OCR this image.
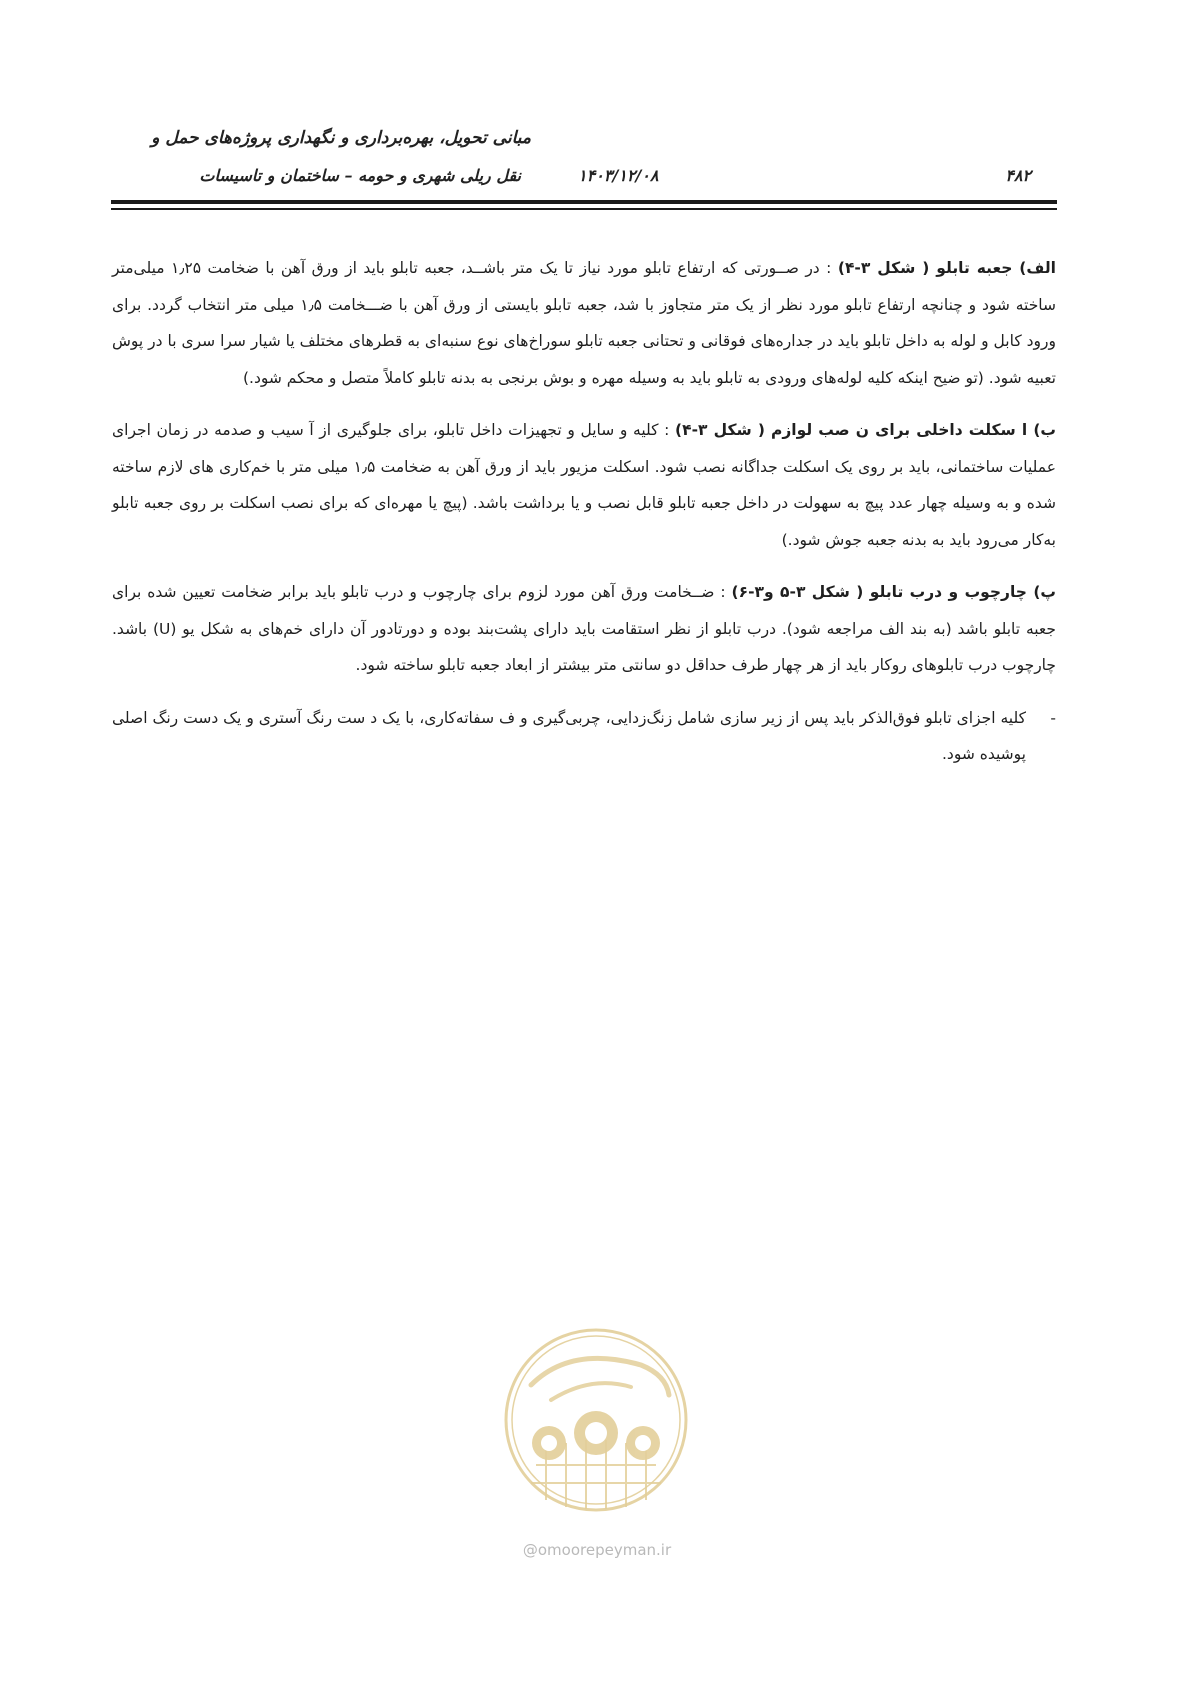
مبانی تحویل، بهره‌برداری و نگهداری پروژه‌های حمل و
نقل ریلی شهری و حومه – ساختمان و تاسیسات	۱۴۰۳/۱۲/۰۸	۴۸۲

الف) جعبه تابلو ( شکل ۳-۴) : در صــورتی که ارتفاع تابلو مورد نیاز تا یک متر باشــد، جعبه تابلو باید از ورق آهن با ضخامت ۱٫۲۵ میلی‌متر ساخته شود و چنانچه ارتفاع تابلو مورد نظر از یک متر متجاوز با شد، جعبه تابلو بایستی از ورق آهن با ضـــخامت ۱٫۵ میلی متر انتخاب گردد. برای ورود کابل و لوله به داخل تابلو باید در جداره‌های فوقانی و تحتانی جعبه تابلو سوراخ‌های نوع سنبه‌ای به قطرهای مختلف یا شیار سرا سری با در پوش تعبیه شود. (تو ضیح اینکه کلیه لوله‌های ورودی به تابلو باید به وسیله مهره و بوش برنجی به بدنه تابلو کاملاً متصل و محکم شود.)

ب) ا سکلت داخلی برای ن صب لوازم ( شکل ۳-۴) : کلیه و سایل و تجهیزات داخل تابلو، برای جلوگیری از آ سیب و صدمه در زمان اجرای عملیات ساختمانی، باید بر روی یک اسکلت جداگانه نصب شود. اسکلت مزیور باید از ورق آهن به ضخامت ۱٫۵ میلی متر با خم‌کاری های لازم ساخته شده و به وسیله چهار عدد پیچ به سهولت در داخل جعبه تابلو قابل نصب و یا برداشت باشد. (پیچ یا مهره‌ای که برای نصب اسکلت بر روی جعبه تابلو به‌کار می‌رود باید به بدنه جعبه جوش شود.)

پ) چارچوب و درب تابلو ( شکل ۳-۵ و۳-۶) : ضــخامت ورق آهن مورد لزوم برای چارچوب و درب تابلو باید برابر ضخامت تعیین شده برای جعبه تابلو باشد (به بند الف مراجعه شود). درب تابلو از نظر استقامت باید دارای پشت‌بند بوده و دورتادور آن دارای خم‌های به شکل یو (U) باشد. چارچوب درب تابلوهای روکار باید از هر چهار طرف حداقل دو سانتی متر بیشتر از ابعاد جعبه تابلو ساخته شود.

-
کلیه اجزای تابلو فوق‌الذکر باید پس از زیر سازی شامل زنگ‌زدایی، چربی‌گیری و ف سفاته‌کاری، با یک د ست رنگ آستری و یک دست رنگ اصلی پوشیده شود.
@omoorepeyman.ir
